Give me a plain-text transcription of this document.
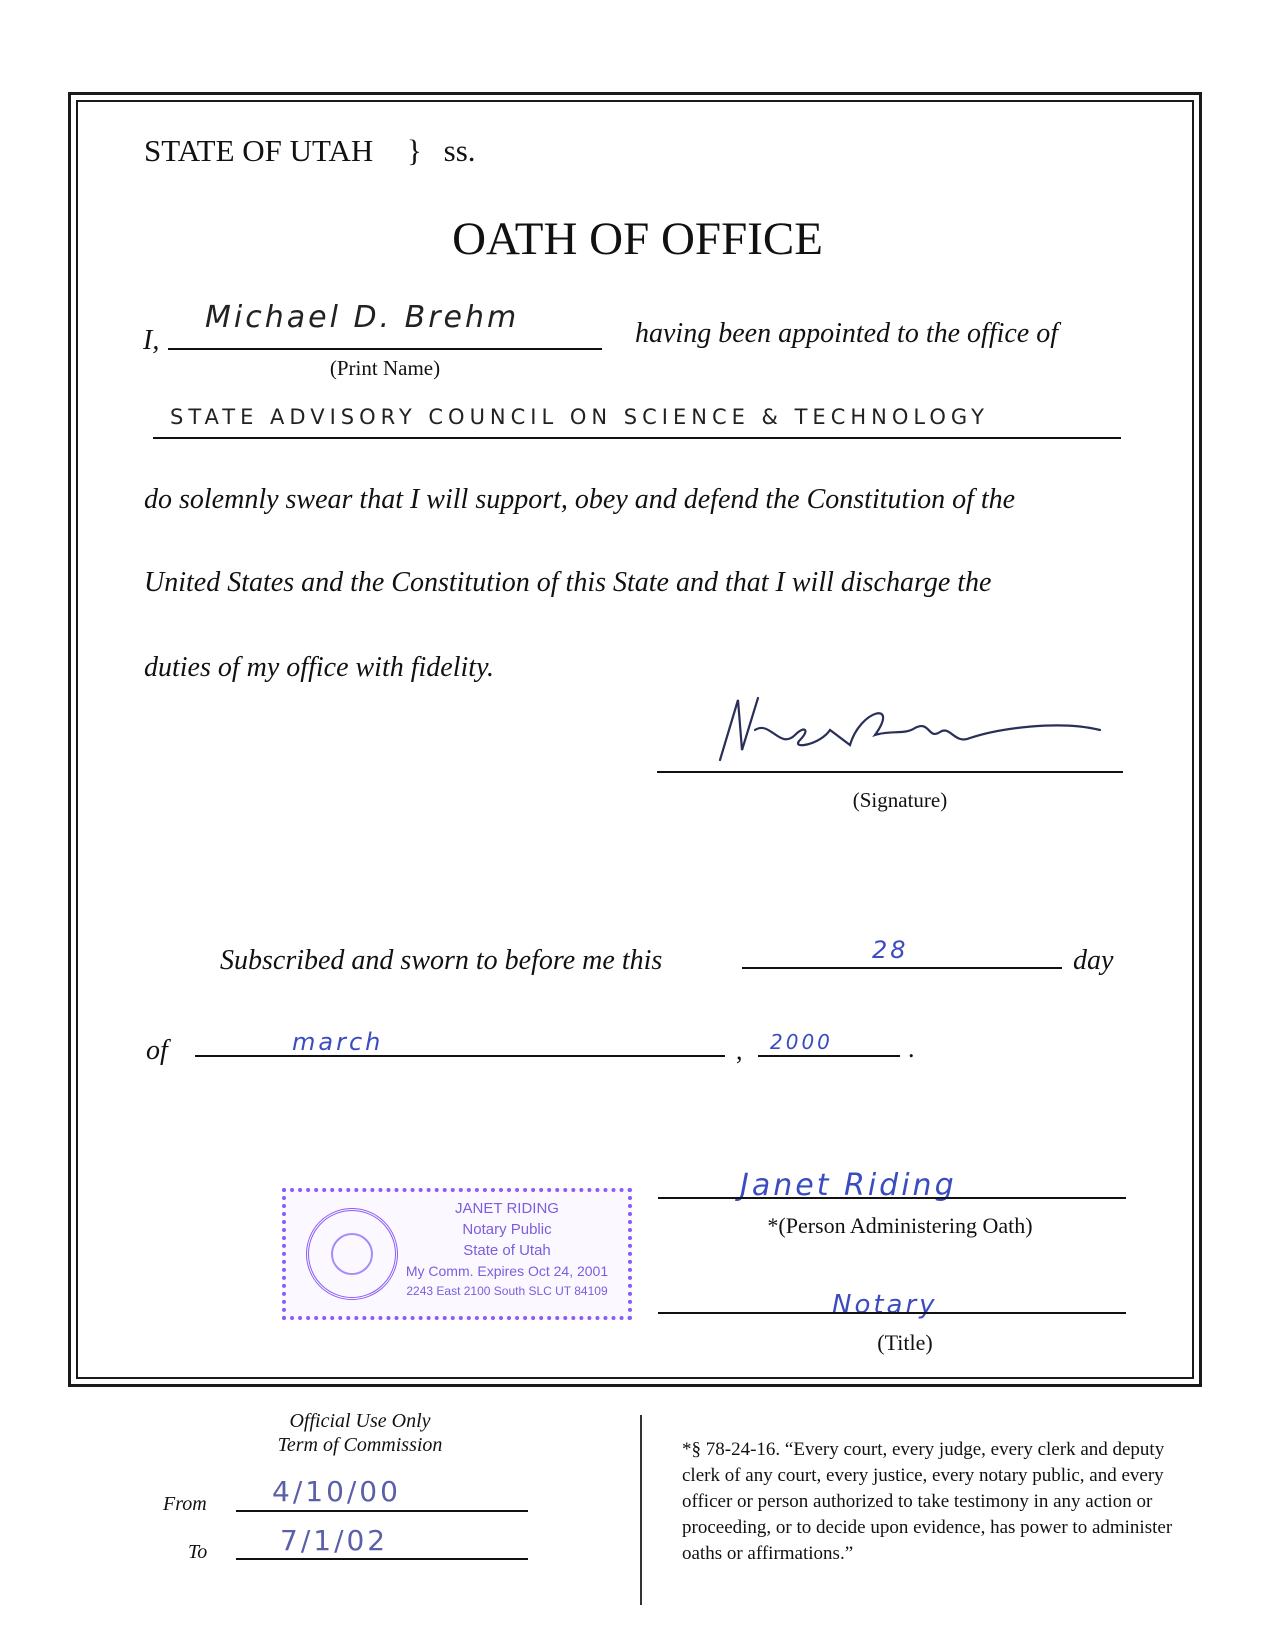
STATE OF UTAH } ss.
OATH OF OFFICE
I,
Michael D. Brehm
(Print Name)
having been appointed to the office of
STATE ADVISORY COUNCIL ON SCIENCE & TECHNOLOGY
do solemnly swear that I will support, obey and defend the Constitution of the
United States and the Constitution of this State and that I will discharge the
duties of my office with fidelity.
(Signature)
Subscribed and sworn to before me this	28	day
of	march	, 2000	.
JANET RIDING
Notary Public
State of Utah
My Comm. Expires Oct 24, 2001
2243 East 2100 South SLC UT 84109
Janet Riding
*(Person Administering Oath)
Notary
(Title)
Official Use Only
Term of Commission
From 4/10/00
To	7/1/02
*§ 78-24-16. “Every court, every judge, every clerk and deputy clerk of any court, every justice, every notary public, and every officer or person authorized to take testimony in any action or proceeding, or to decide upon evidence, has power to administer oaths or affirmations.”
